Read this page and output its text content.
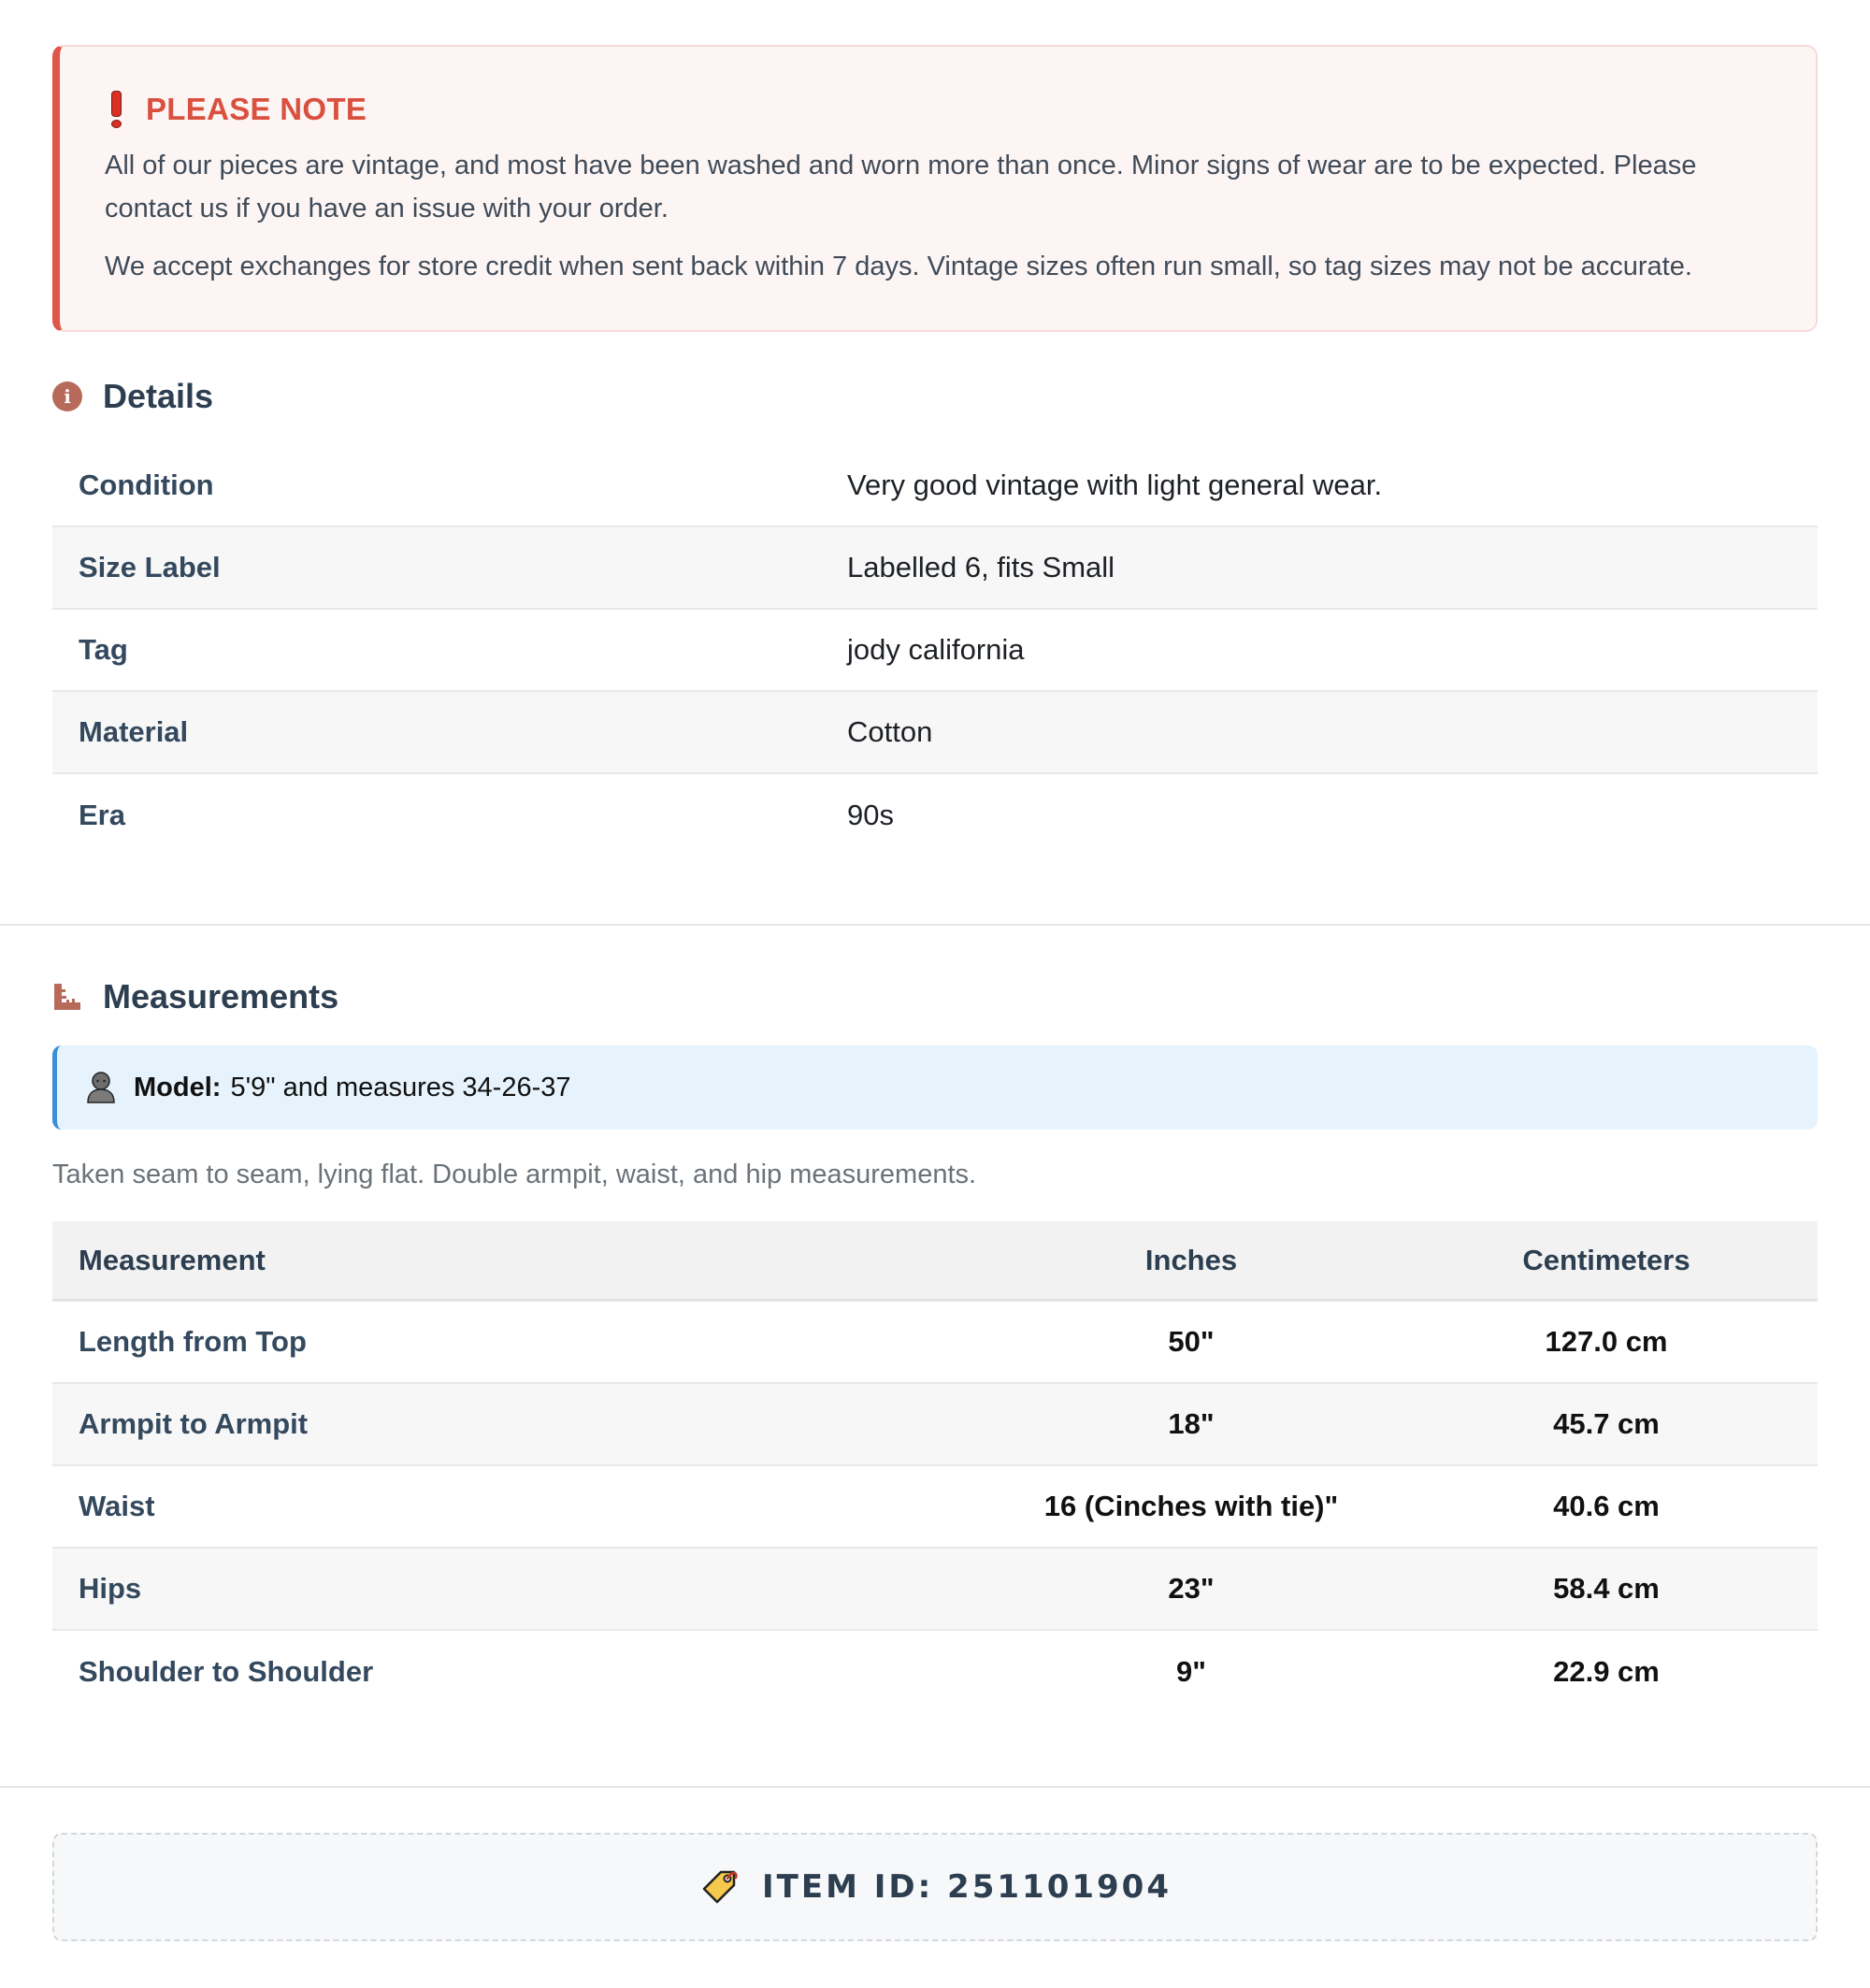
PLEASE NOTE

All of our pieces are vintage, and most have been washed and worn more than once. Minor signs of wear are to be expected. Please contact us if you have an issue with your order.

We accept exchanges for store credit when sent back within 7 days. Vintage sizes often run small, so tag sizes may not be accurate.

i Details
Condition	Very good vintage with light general wear.
Size Label	Labelled 6, fits Small
Tag	jody california
Material	Cotton
Era	90s
Measurements
Model: 5'9" and measures 34-26-37

Taken seam to seam, lying flat. Double armpit, waist, and hip measurements.

Measurement	Inches	Centimeters
Length from Top	50"	127.0 cm
Armpit to Armpit	18"	45.7 cm
Waist	16 (Cinches with tie)"	40.6 cm
Hips	23"	58.4 cm
Shoulder to Shoulder	9"	22.9 cm
ITEM ID: 251101904
